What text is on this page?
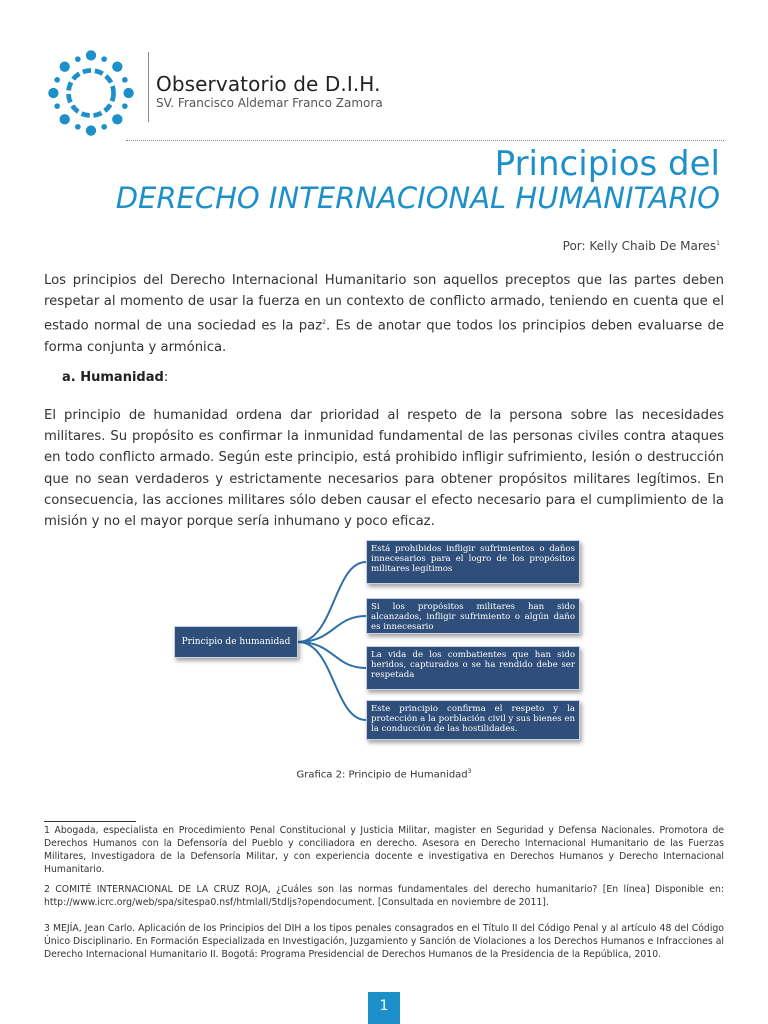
Observatorio de D.I.H.
SV. Francisco Aldemar Franco Zamora
Principios del
DERECHO INTERNACIONAL HUMANITARIO
Por: Kelly Chaib De Mares$^1$
Los principios del Derecho Internacional Humanitario son aquellos preceptos que las partes deben respetar al momento de usar la fuerza en un contexto de conflicto armado, teniendo en cuenta que el estado normal de una sociedad es la paz$^2$. Es de anotar que todos los principios deben evaluarse de forma conjunta y armónica.
a. Humanidad:
El principio de humanidad ordena dar prioridad al respeto de la persona sobre las necesidades militares. Su propósito es confirmar la inmunidad fundamental de las personas civiles contra ataques en todo conflicto armado. Según este principio, está prohibido infligir sufrimiento, lesión o destrucción que no sean verdaderos y estrictamente necesarios para obtener propósitos militares legítimos. En consecuencia, las acciones militares sólo deben causar el efecto necesario para el cumplimiento de la misión y no el mayor porque sería inhumano y poco eficaz.
Principio de humanidad
Está prohibidos infligir sufrimientos o daños innecesarios para el logro de los propósitos militares legítimos
Si los propósitos militares han sido alcanzados, infligir sufrimiento o algún daño es innecesario
La vida de los combatientes que han sido heridos, capturados o se ha rendido debe ser respetada
Este principio confirma el respeto y la protección a la porblación civil y sus bienes en la conducción de las hostilidades.
Grafica 2: Principio de Humanidad$^3$
1 Abogada, especialista en Procedimiento Penal Constitucional y Justicia Militar, magister en Seguridad y Defensa Nacionales. Promotora de Derechos Humanos con la Defensoría del Pueblo y conciliadora en derecho. Asesora en Derecho Internacional Humanitario de las Fuerzas Militares, Investigadora de la Defensoría Militar, y con experiencia docente e investigativa en Derechos Humanos y Derecho Internacional Humanitario.
2 COMITÉ INTERNACIONAL DE LA CRUZ ROJA, ¿Cuáles son las normas fundamentales del derecho humanitario? [En línea] Disponible en: http://www.icrc.org/web/spa/sitespa0.nsf/htmlall/5tdljs?opendocument. [Consultada en noviembre de 2011].
3 MEJÍA, Jean Carlo. Aplicación de los Principios del DIH a los tipos penales consagrados en el Título II del Código Penal y al artículo 48 del Código Único Disciplinario. En Formación Especializada en Investigación, Juzgamiento y Sanción de Violaciones a los Derechos Humanos e Infracciones al Derecho Internacional Humanitario II. Bogotá: Programa Presidencial de Derechos Humanos de la Presidencia de la República, 2010.
1
